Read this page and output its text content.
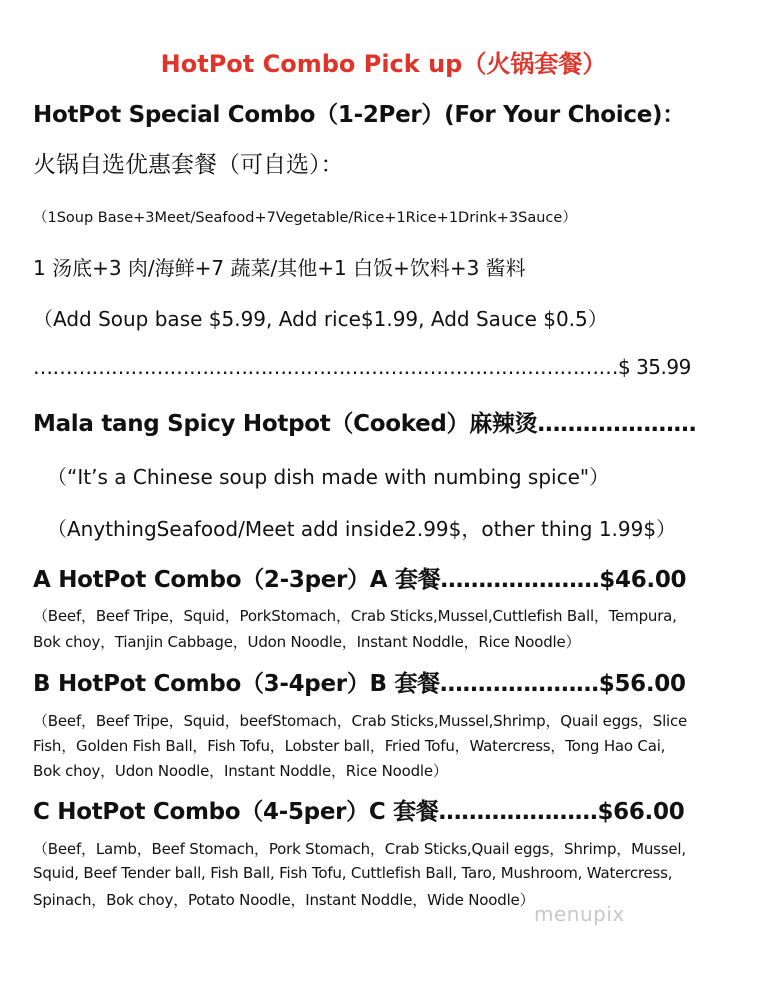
HotPot Combo Pick up（火锅套餐）
HotPot Special Combo（1-2Per）(For Your Choice)：
火锅自选优惠套餐（可自选）：
（1Soup Base+3Meet/Seafood+7Vegetable/Rice+1Rice+1Drink+3Sauce）
1 汤底+3 肉/海鲜+7 蔬菜/其他+1 白饭+饮料+3 酱料
（Add Soup base $5.99, Add rice$1.99, Add Sauce $0.5）
………………………………………………………………………………$ 35.99
Mala tang Spicy Hotpot（Cooked）麻辣烫…………………
（“It’s a Chinese soup dish made with numbing spice"）
（AnythingSeafood/Meet add inside2.99$，other thing 1.99$）
A HotPot Combo（2-3per）A 套餐…………………$46.00
（Beef，Beef Tripe，Squid，PorkStomach，Crab Sticks,Mussel,Cuttlefish Ball，Tempura,
Bok choy，Tianjin Cabbage，Udon Noodle，Instant Noddle，Rice Noodle）
B HotPot Combo（3-4per）B 套餐…………………$56.00
（Beef，Beef Tripe，Squid，beefStomach，Crab Sticks,Mussel,Shrimp，Quail eggs，Slice
Fish，Golden Fish Ball，Fish Tofu，Lobster ball，Fried Tofu，Watercress，Tong Hao Cai,
Bok choy，Udon Noodle，Instant Noddle，Rice Noodle）
C HotPot Combo（4-5per）C 套餐…………………$66.00
（Beef，Lamb，Beef Stomach，Pork Stomach，Crab Sticks,Quail eggs，Shrimp，Mussel,
Squid, Beef Tender ball, Fish Ball, Fish Tofu, Cuttlefish Ball, Taro, Mushroom, Watercress,
Spinach，Bok choy，Potato Noodle，Instant Noddle，Wide Noodle）
menupix
